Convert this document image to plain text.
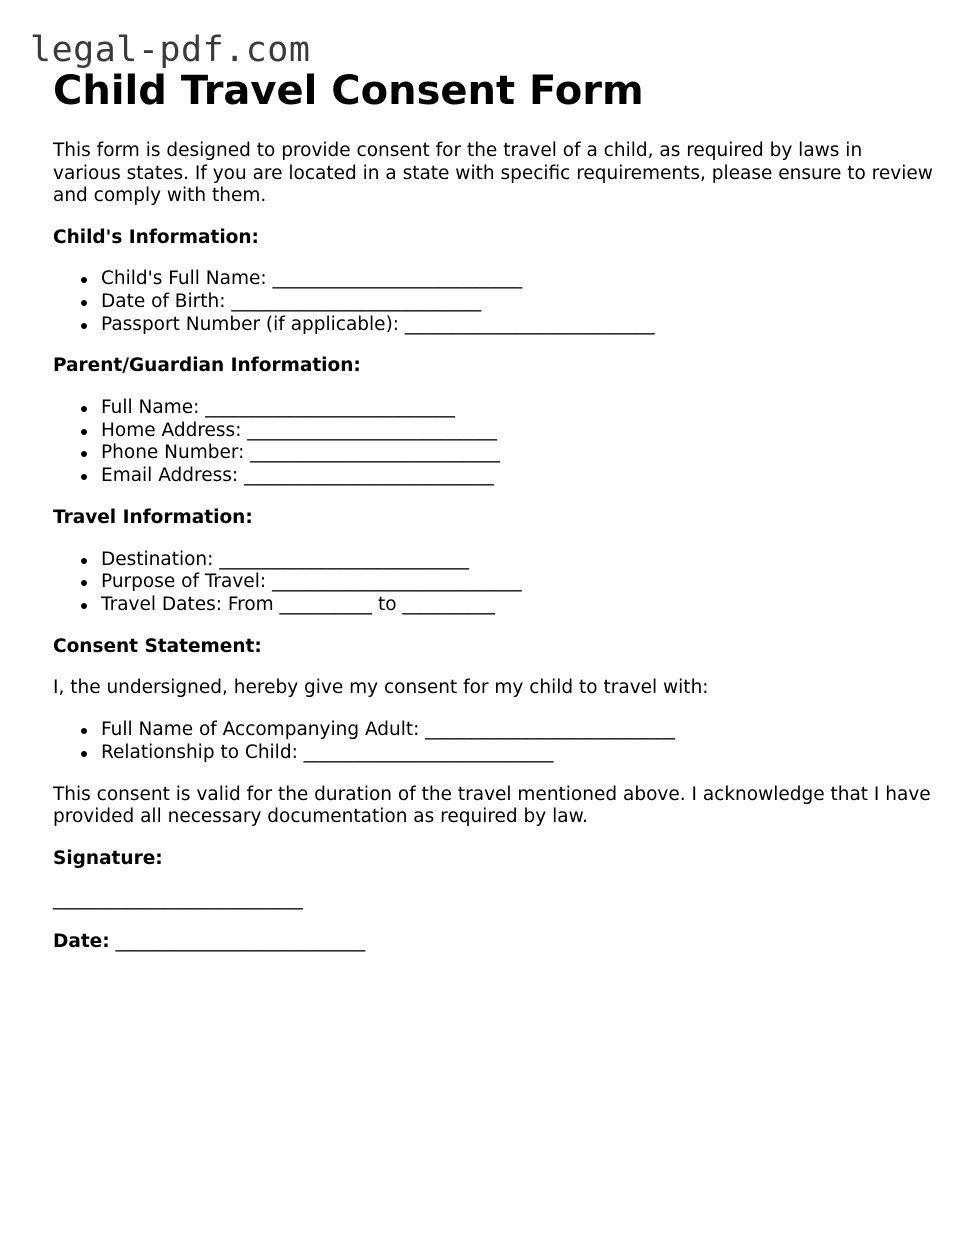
legal-pdf.com
Child Travel Consent Form

This form is designed to provide consent for the travel of a child, as required by laws in various states. If you are located in a state with specific requirements, please ensure to review and comply with them.

Child's Information:
Child's Full Name: ___________________________
Date of Birth: ___________________________
Passport Number (if applicable): ___________________________
Parent/Guardian Information:
Full Name: ___________________________
Home Address: ___________________________
Phone Number: ___________________________
Email Address: ___________________________
Travel Information:
Destination: ___________________________
Purpose of Travel: ___________________________
Travel Dates: From __________ to __________
Consent Statement:

I, the undersigned, hereby give my consent for my child to travel with:

Full Name of Accompanying Adult: ___________________________
Relationship to Child: ___________________________

This consent is valid for the duration of the travel mentioned above. I acknowledge that I have provided all necessary documentation as required by law.

Signature:
___________________________
Date: ___________________________
